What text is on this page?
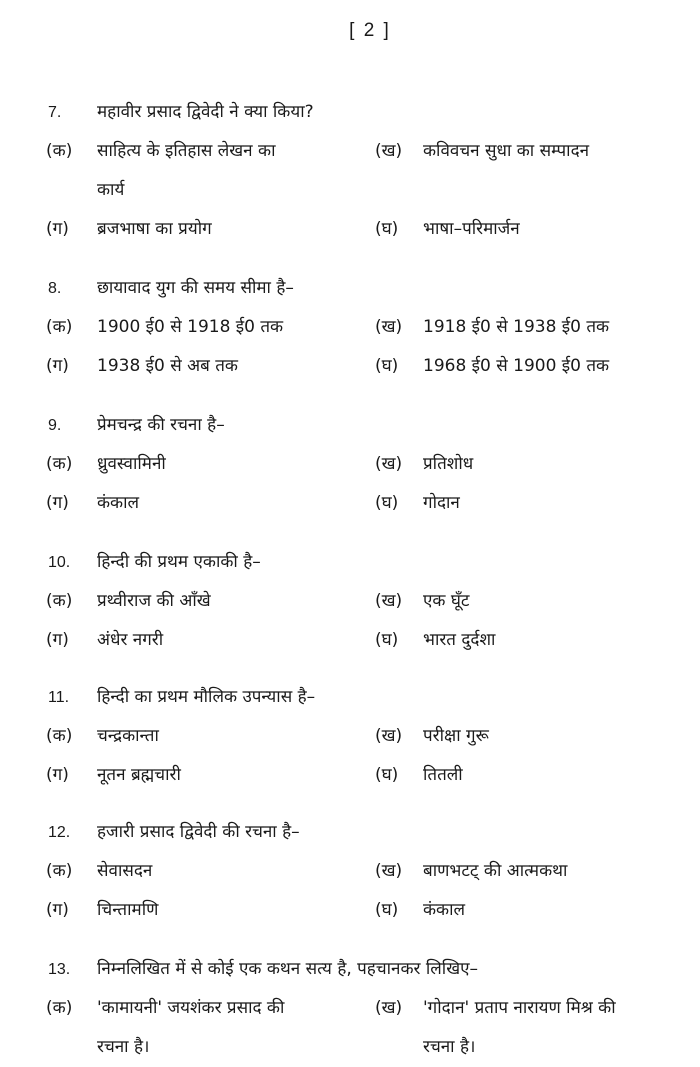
[ 2 ]
7. महावीर प्रसाद द्विवेदी ने क्या किया?
(क) साहित्य के इतिहास लेखन का	(ख) कविवचन सुधा का सम्पादन
कार्य
(ग) ब्रजभाषा का प्रयोग	(घ) भाषा–परिमार्जन
8. छायावाद युग की समय सीमा है–
(क) 1900 ई0 से 1918 ई0 तक	(ख) 1918 ई0 से 1938 ई0 तक
(ग) 1938 ई0 से अब तक	(घ) 1968 ई0 से 1900 ई0 तक
9. प्रेमचन्द्र की रचना है–
(क) ध्रुवस्वामिनी	(ख) प्रतिशोध
(ग) कंकाल	(घ) गोदान
10. हिन्दी की प्रथम एकाकी है–
(क) प्रथ्वीराज की आँखे	(ख) एक घूँट
(ग) अंधेर नगरी	(घ) भारत दुर्दशा
11. हिन्दी का प्रथम मौलिक उपन्यास है–
(क) चन्द्रकान्ता	(ख) परीक्षा गुरू
(ग) नूतन ब्रह्मचारी	(घ) तितली
12. हजारी प्रसाद द्विवेदी की रचना है–
(क) सेवासदन	(ख) बाणभटट् की आत्मकथा
(ग) चिन्तामणि	(घ) कंकाल
13. निम्नलिखित में से कोई एक कथन सत्य है, पहचानकर लिखिए–
(क) 'कामायनी' जयशंकर प्रसाद की	(ख) 'गोदान' प्रताप नारायण मिश्र की
रचना है।	रचना है।
